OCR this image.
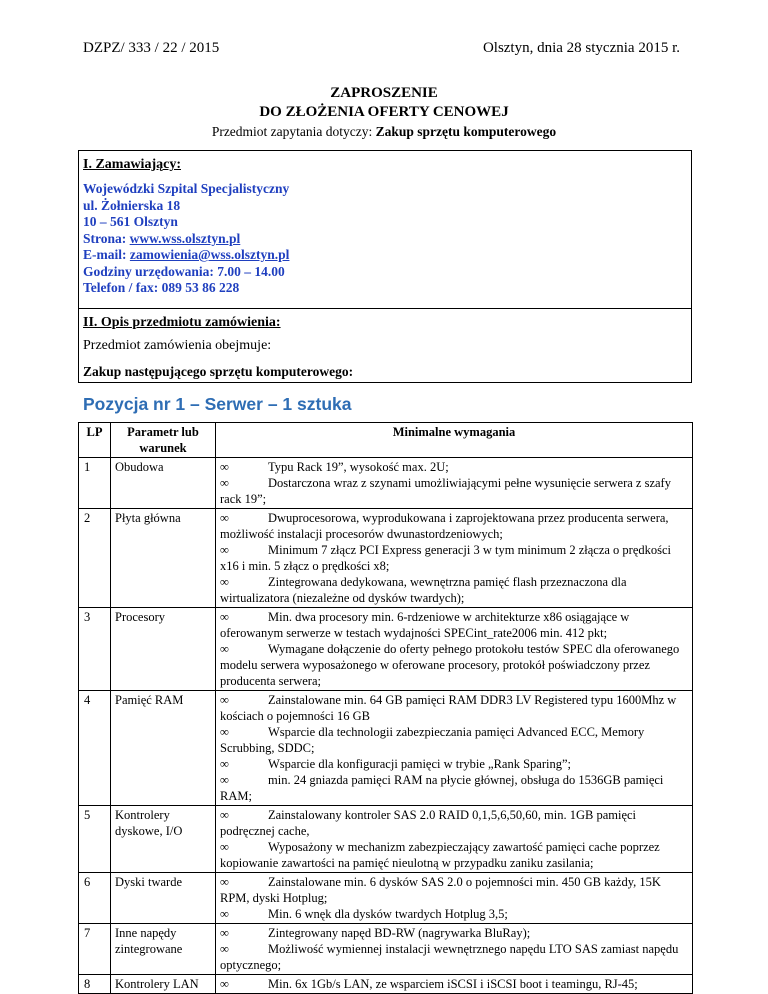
DZPZ/ 333 / 22 / 2015	Olsztyn, dnia 28 stycznia 2015 r.
ZAPROSZENIE
DO ZŁOŻENIA OFERTY CENOWEJ
Przedmiot zapytania dotyczy: Zakup sprzętu komputerowego
I. Zamawiający:
Wojewódzki Szpital Specjalistyczny
ul. Żołnierska 18
10 – 561 Olsztyn
Strona: www.wss.olsztyn.pl
E-mail: zamowienia@wss.olsztyn.pl
Godziny urzędowania: 7.00 – 14.00
Telefon / fax: 089 53 86 228
II. Opis przedmiotu zamówienia:
Przedmiot zamówienia obejmuje:
Zakup następującego sprzętu komputerowego:
Pozycja nr 1 – Serwer – 1 sztuka
LP	Parametr lub warunek	Minimalne wymagania
1	Obudowa	∞ Typu Rack 19”, wysokość max. 2U;
∞ Dostarczona wraz z szynami umożliwiającymi pełne wysunięcie serwera z szafy rack 19”;

2	Płyta główna	∞ Dwuprocesorowa, wyprodukowana i zaprojektowana przez producenta serwera, możliwość instalacji procesorów dwunastordzeniowych;
∞ Minimum 7 złącz PCI Express generacji 3 w tym minimum 2 złącza o prędkości x16 i min. 5 złącz o prędkości x8;
∞ Zintegrowana dedykowana, wewnętrzna pamięć flash przeznaczona dla wirtualizatora (niezależne od dysków twardych);

3	Procesory	∞ Min. dwa procesory min. 6-rdzeniowe w architekturze x86 osiągające w oferowanym serwerze w testach wydajności SPECint_rate2006 min. 412 pkt;
∞ Wymagane dołączenie do oferty pełnego protokołu testów SPEC dla oferowanego modelu serwera wyposażonego w oferowane procesory, protokół poświadczony przez producenta serwera;

4	Pamięć RAM	∞ Zainstalowane min. 64 GB pamięci RAM DDR3 LV Registered typu 1600Mhz w kościach o pojemności 16 GB
∞ Wsparcie dla technologii zabezpieczania pamięci Advanced ECC, Memory Scrubbing, SDDC;
∞ Wsparcie dla konfiguracji pamięci w trybie „Rank Sparing”;
∞ min. 24 gniazda pamięci RAM na płycie głównej, obsługa do 1536GB pamięci RAM;

5	Kontrolery dyskowe, I/O	∞ Zainstalowany kontroler SAS 2.0 RAID 0,1,5,6,50,60, min. 1GB pamięci podręcznej cache,
∞ Wyposażony w mechanizm zabezpieczający zawartość pamięci cache poprzez kopiowanie zawartości na pamięć nieulotną w przypadku zaniku zasilania;

6	Dyski twarde	∞ Zainstalowane min. 6 dysków SAS 2.0 o pojemności min. 450 GB każdy, 15K RPM, dyski Hotplug;
∞ Min. 6 wnęk dla dysków twardych Hotplug 3,5;

7	Inne napędy zintegrowane	∞ Zintegrowany napęd BD-RW (nagrywarka BluRay);
∞ Możliwość wymiennej instalacji wewnętrznego napędu LTO SAS zamiast napędu optycznego;

8	Kontrolery LAN	∞ Min. 6x 1Gb/s LAN, ze wsparciem iSCSI i iSCSI boot i teamingu, RJ-45;
